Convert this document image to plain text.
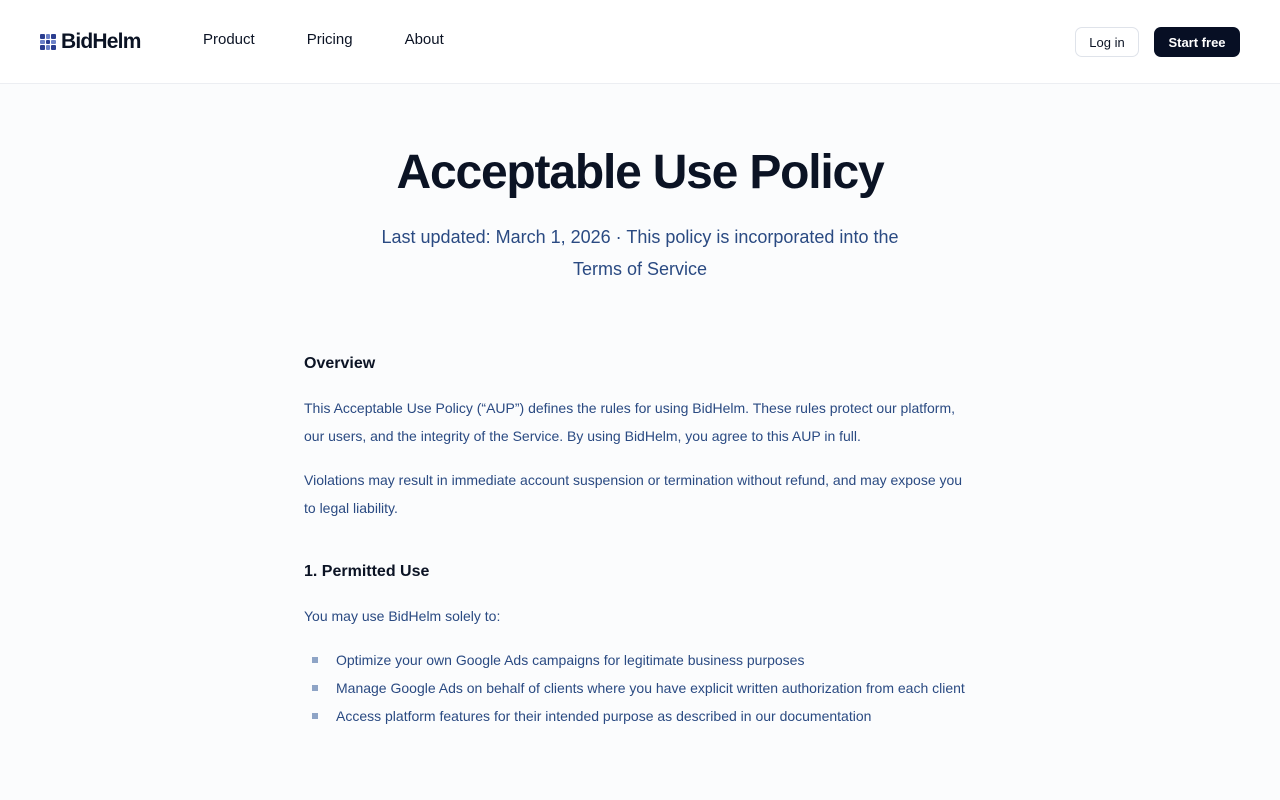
BidHelm	Product	Pricing	About	Log in	Start free
Acceptable Use Policy

Last updated: March 1, 2026 · This policy is incorporated into the Terms of Service

Overview

This Acceptable Use Policy (“AUP”) defines the rules for using BidHelm. These rules protect our platform, our users, and the integrity of the Service. By using BidHelm, you agree to this AUP in full.

Violations may result in immediate account suspension or termination without refund, and may expose you to legal liability.

1. Permitted Use

You may use BidHelm solely to:

Optimize your own Google Ads campaigns for legitimate business purposes
Manage Google Ads on behalf of clients where you have explicit written authorization from each client
Access platform features for their intended purpose as described in our documentation
